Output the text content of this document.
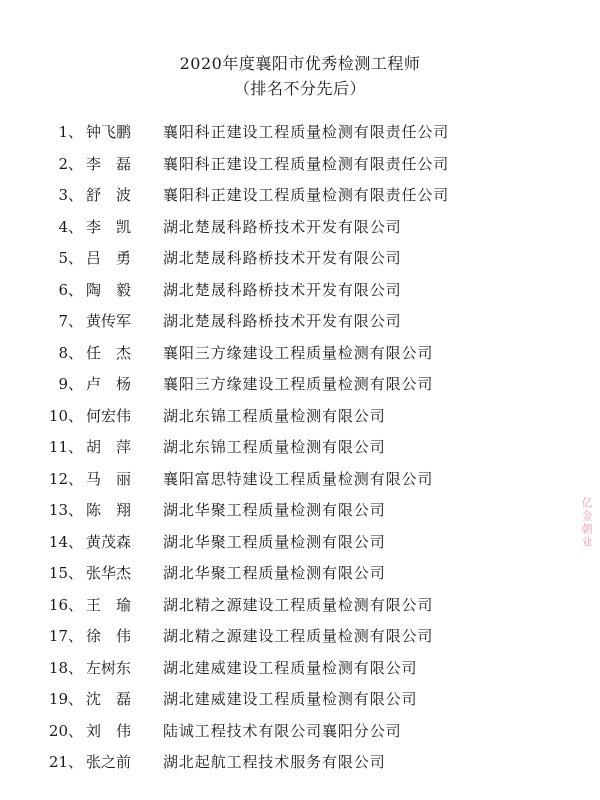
2020年度襄阳市优秀检测工程师
（排名不分先后）
1、 钟飞鹏 襄阳科正建设工程质量检测有限责任公司
2、 李　磊 襄阳科正建设工程质量检测有限责任公司
3、 舒　波 襄阳科正建设工程质量检测有限责任公司
4、 李　凯 湖北楚晟科路桥技术开发有限公司
5、 吕　勇 湖北楚晟科路桥技术开发有限公司
6、 陶　毅 湖北楚晟科路桥技术开发有限公司
7、 黄传军 湖北楚晟科路桥技术开发有限公司
8、 任　杰 襄阳三方缘建设工程质量检测有限公司
9、 卢　杨 襄阳三方缘建设工程质量检测有限公司
10、 何宏伟 湖北东锦工程质量检测有限公司
11、 胡　萍 湖北东锦工程质量检测有限公司
12、 马　丽 襄阳富思特建设工程质量检测有限公司
13、 陈　翔 湖北华聚工程质量检测有限公司
14、 黄茂森 湖北华聚工程质量检测有限公司
15、 张华杰 湖北华聚工程质量检测有限公司
16、 王　瑜 湖北精之源建设工程质量检测有限公司
17、 徐　伟 湖北精之源建设工程质量检测有限公司
18、 左树东 湖北建威建设工程质量检测有限公司
19、 沈　磊 湖北建威建设工程质量检测有限公司
20、 刘　伟 陆诚工程技术有限公司襄阳分公司
21、 张之前 湖北起航工程技术服务有限公司
亿金朝业
